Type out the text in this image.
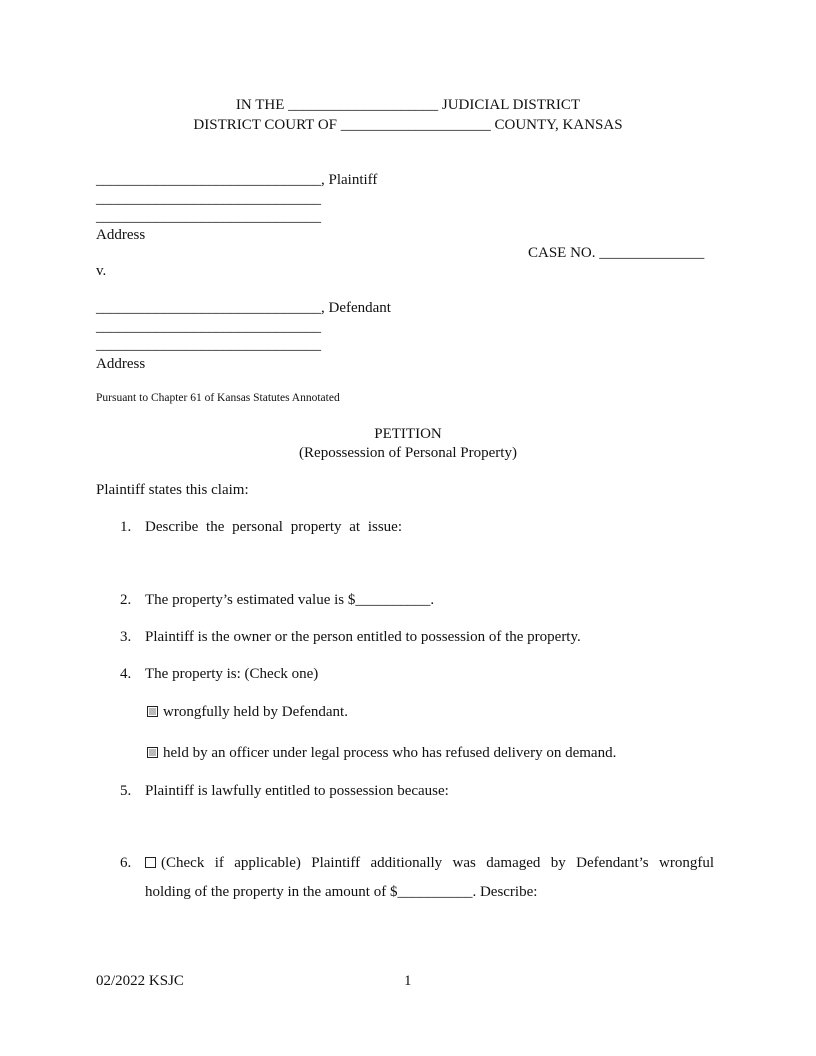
IN THE ____________________ JUDICIAL DISTRICT
DISTRICT COURT OF ____________________ COUNTY, KANSAS
______________________________, Plaintiff
______________________________
______________________________
Address
CASE NO. ______________
v.
______________________________, Defendant
______________________________
______________________________
Address
Pursuant to Chapter 61 of Kansas Statutes Annotated
PETITION
(Repossession of Personal Property)
Plaintiff states this claim:
1. Describe the personal property at issue:
2. The property’s estimated value is $__________.
3. Plaintiff is the owner or the person entitled to possession of the property.
4. The property is: (Check one)
wrongfully held by Defendant.
held by an officer under legal process who has refused delivery on demand.
5. Plaintiff is lawfully entitled to possession because:
6.	(Check if applicable) Plaintiff additionally was damaged by Defendant’s wrongful
holding of the property in the amount of $__________. Describe:
02/2022 KSJC	1
